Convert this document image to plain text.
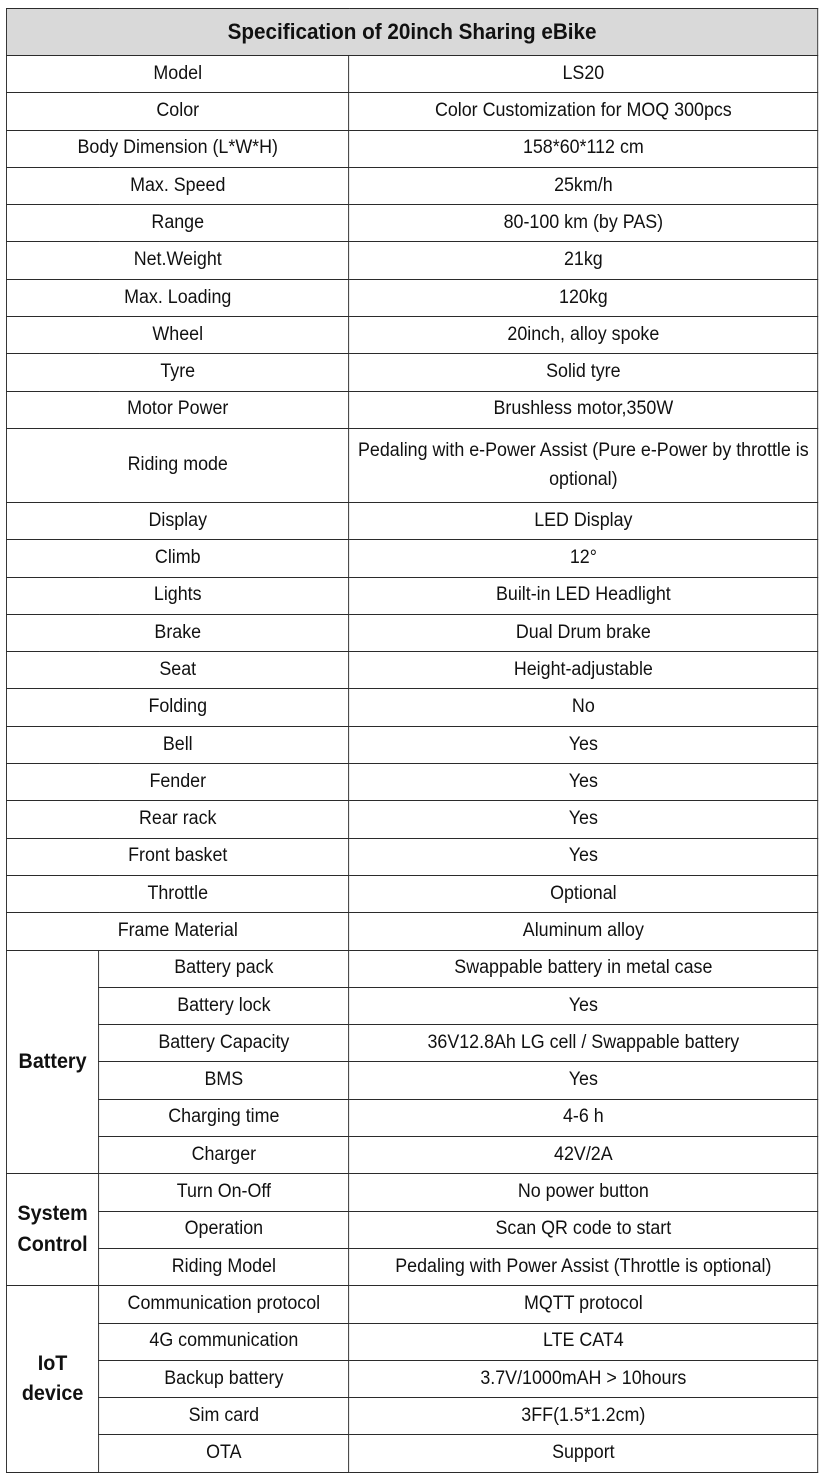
Specification of 20inch Sharing eBike		
Model		LS20
Color		Color Customization for MOQ 300pcs
Body Dimension (L*W*H)		158*60*112 cm
Max. Speed		25km/h
Range		80-100 km (by PAS)
Net.Weight		21kg
Max. Loading		120kg
Wheel		20inch, alloy spoke
Tyre		Solid tyre
Motor Power		Brushless motor,350W
Riding mode		Pedaling with e-Power Assist (Pure e-Power by throttle is optional)
Display		LED Display
Climb		12°
Lights		Built-in LED Headlight
Brake		Dual Drum brake
Seat		Height-adjustable
Folding		No
Bell		Yes
Fender		Yes
Rear rack		Yes
Front basket		Yes
Throttle		Optional
Frame Material		Aluminum alloy
Battery	Battery pack	Swappable battery in metal case
	Battery lock	Yes
	Battery Capacity	36V12.8Ah LG cell / Swappable battery
	BMS	Yes
	Charging time	4-6 h
	Charger	42V/2A
System Control	Turn On-Off	No power button
	Operation	Scan QR code to start
	Riding Model	Pedaling with Power Assist (Throttle is optional)
IoT device	Communication protocol	MQTT protocol
	4G communication	LTE CAT4
	Backup battery	3.7V/1000mAH > 10hours
	Sim card	3FF(1.5*1.2cm)
	OTA	Support
